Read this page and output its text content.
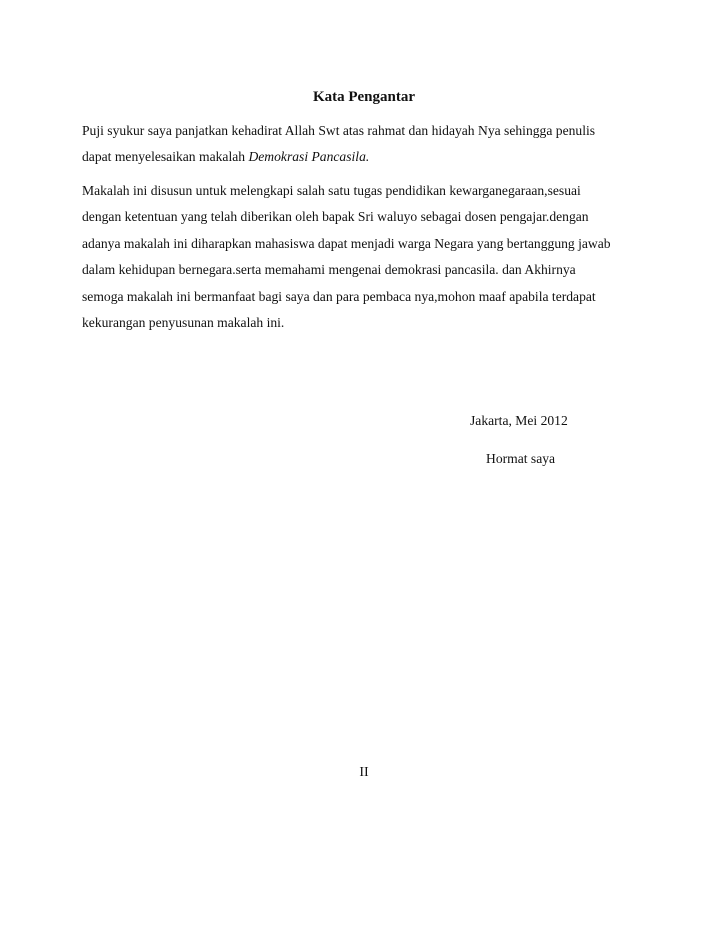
Kata Pengantar

Puji syukur saya panjatkan kehadirat Allah Swt atas rahmat dan hidayah Nya sehingga penulis
dapat menyelesaikan makalah Demokrasi Pancasila.

Makalah ini disusun untuk melengkapi salah satu tugas pendidikan kewarganegaraan,sesuai
dengan ketentuan yang telah diberikan oleh bapak Sri waluyo sebagai dosen pengajar.dengan
adanya makalah ini diharapkan mahasiswa dapat menjadi warga Negara yang bertanggung jawab
dalam kehidupan bernegara.serta memahami mengenai demokrasi pancasila. dan Akhirnya
semoga makalah ini bermanfaat bagi saya dan para pembaca nya,mohon maaf apabila terdapat
kekurangan penyusunan makalah ini.

Jakarta, Mei 2012
Hormat saya
II
